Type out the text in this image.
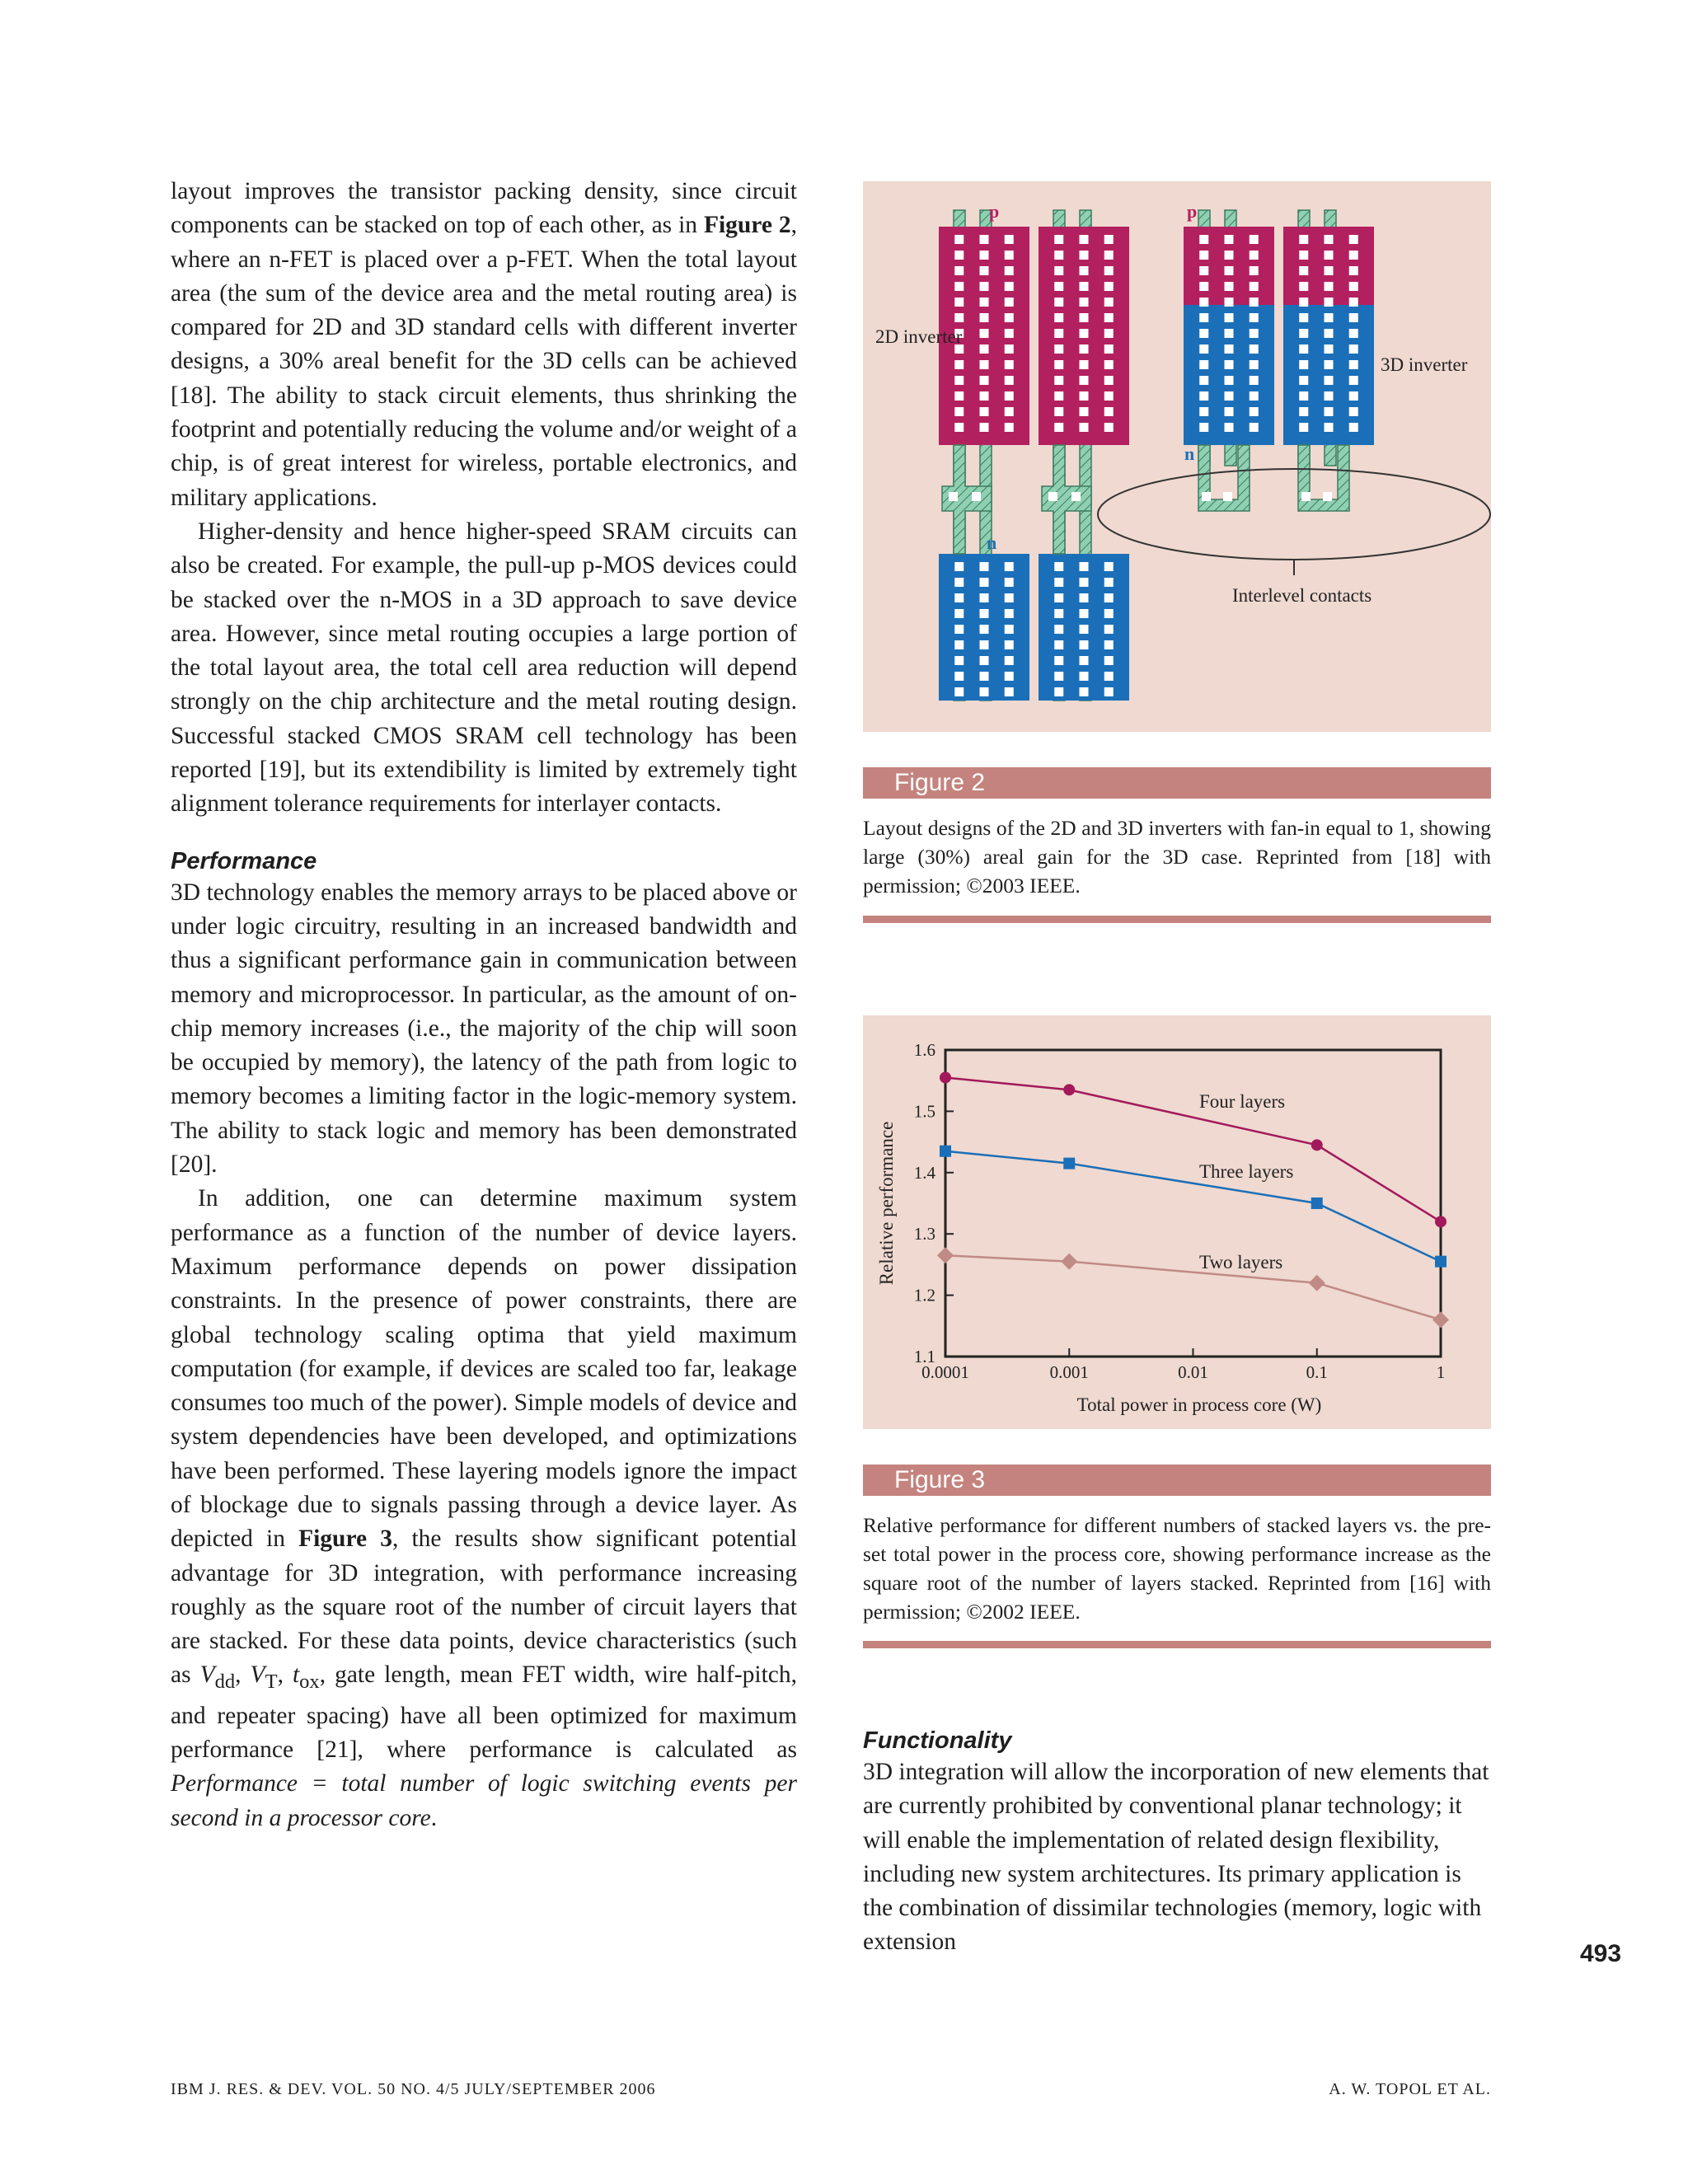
layout improves the transistor packing density, since circuit components can be stacked on top of each other, as in Figure 2, where an n-FET is placed over a p-FET. When the total layout area (the sum of the device area and the metal routing area) is compared for 2D and 3D standard cells with different inverter designs, a 30% areal benefit for the 3D cells can be achieved [18]. The ability to stack circuit elements, thus shrinking the footprint and potentially reducing the volume and/or weight of a chip, is of great interest for wireless, portable electronics, and military applications.

Higher-density and hence higher-speed SRAM circuits can also be created. For example, the pull-up p-MOS devices could be stacked over the n-MOS in a 3D approach to save device area. However, since metal routing occupies a large portion of the total layout area, the total cell area reduction will depend strongly on the chip architecture and the metal routing design. Successful stacked CMOS SRAM cell technology has been reported [19], but its extendibility is limited by extremely tight alignment tolerance requirements for interlayer contacts.

Performance

3D technology enables the memory arrays to be placed above or under logic circuitry, resulting in an increased bandwidth and thus a significant performance gain in communication between memory and microprocessor. In particular, as the amount of on-chip memory increases (i.e., the majority of the chip will soon be occupied by memory), the latency of the path from logic to memory becomes a limiting factor in the logic-memory system. The ability to stack logic and memory has been demonstrated [20].

In addition, one can determine maximum system performance as a function of the number of device layers. Maximum performance depends on power dissipation constraints. In the presence of power constraints, there are global technology scaling optima that yield maximum computation (for example, if devices are scaled too far, leakage consumes too much of the power). Simple models of device and system dependencies have been developed, and optimizations have been performed. These layering models ignore the impact of blockage due to signals passing through a device layer. As depicted in Figure 3, the results show significant potential advantage for 3D integration, with performance increasing roughly as the square root of the number of circuit layers that are stacked. For these data points, device characteristics (such as $V_{dd}$, $V_T$, $t_{ox}$, gate length, mean FET width, wire half-pitch, and repeater spacing) have all been optimized for maximum performance [21], where performance is calculated as Performance = total number of logic switching events per second in a processor core.

2D inverter
3D inverter
Interlevel contacts
p	p
n
n
Figure 2

Layout designs of the 2D and 3D inverters with fan-in equal to 1, showing large (30%) areal gain for the 3D case. Reprinted from [18] with permission; ©2003 IEEE.

0.0001	0.001	0.01	0.1	1
1.1
1.2
1.3
1.4
1.5
1.6
Total power in process core (W)
Relative performance
Four layers
Three layers
Two layers
Figure 3

Relative performance for different numbers of stacked layers vs. the pre-set total power in the process core, showing performance increase as the square root of the number of layers stacked. Reprinted from [16] with permission; ©2002 IEEE.

Functionality

3D integration will allow the incorporation of new elements that are currently prohibited by conventional planar technology; it will enable the implementation of related design flexibility, including new system architectures. Its primary application is the combination of dissimilar technologies (memory, logic with extension	493
IBM J. RES. & DEV. VOL. 50 NO. 4/5 JULY/SEPTEMBER 2006	A. W. TOPOL ET AL.
